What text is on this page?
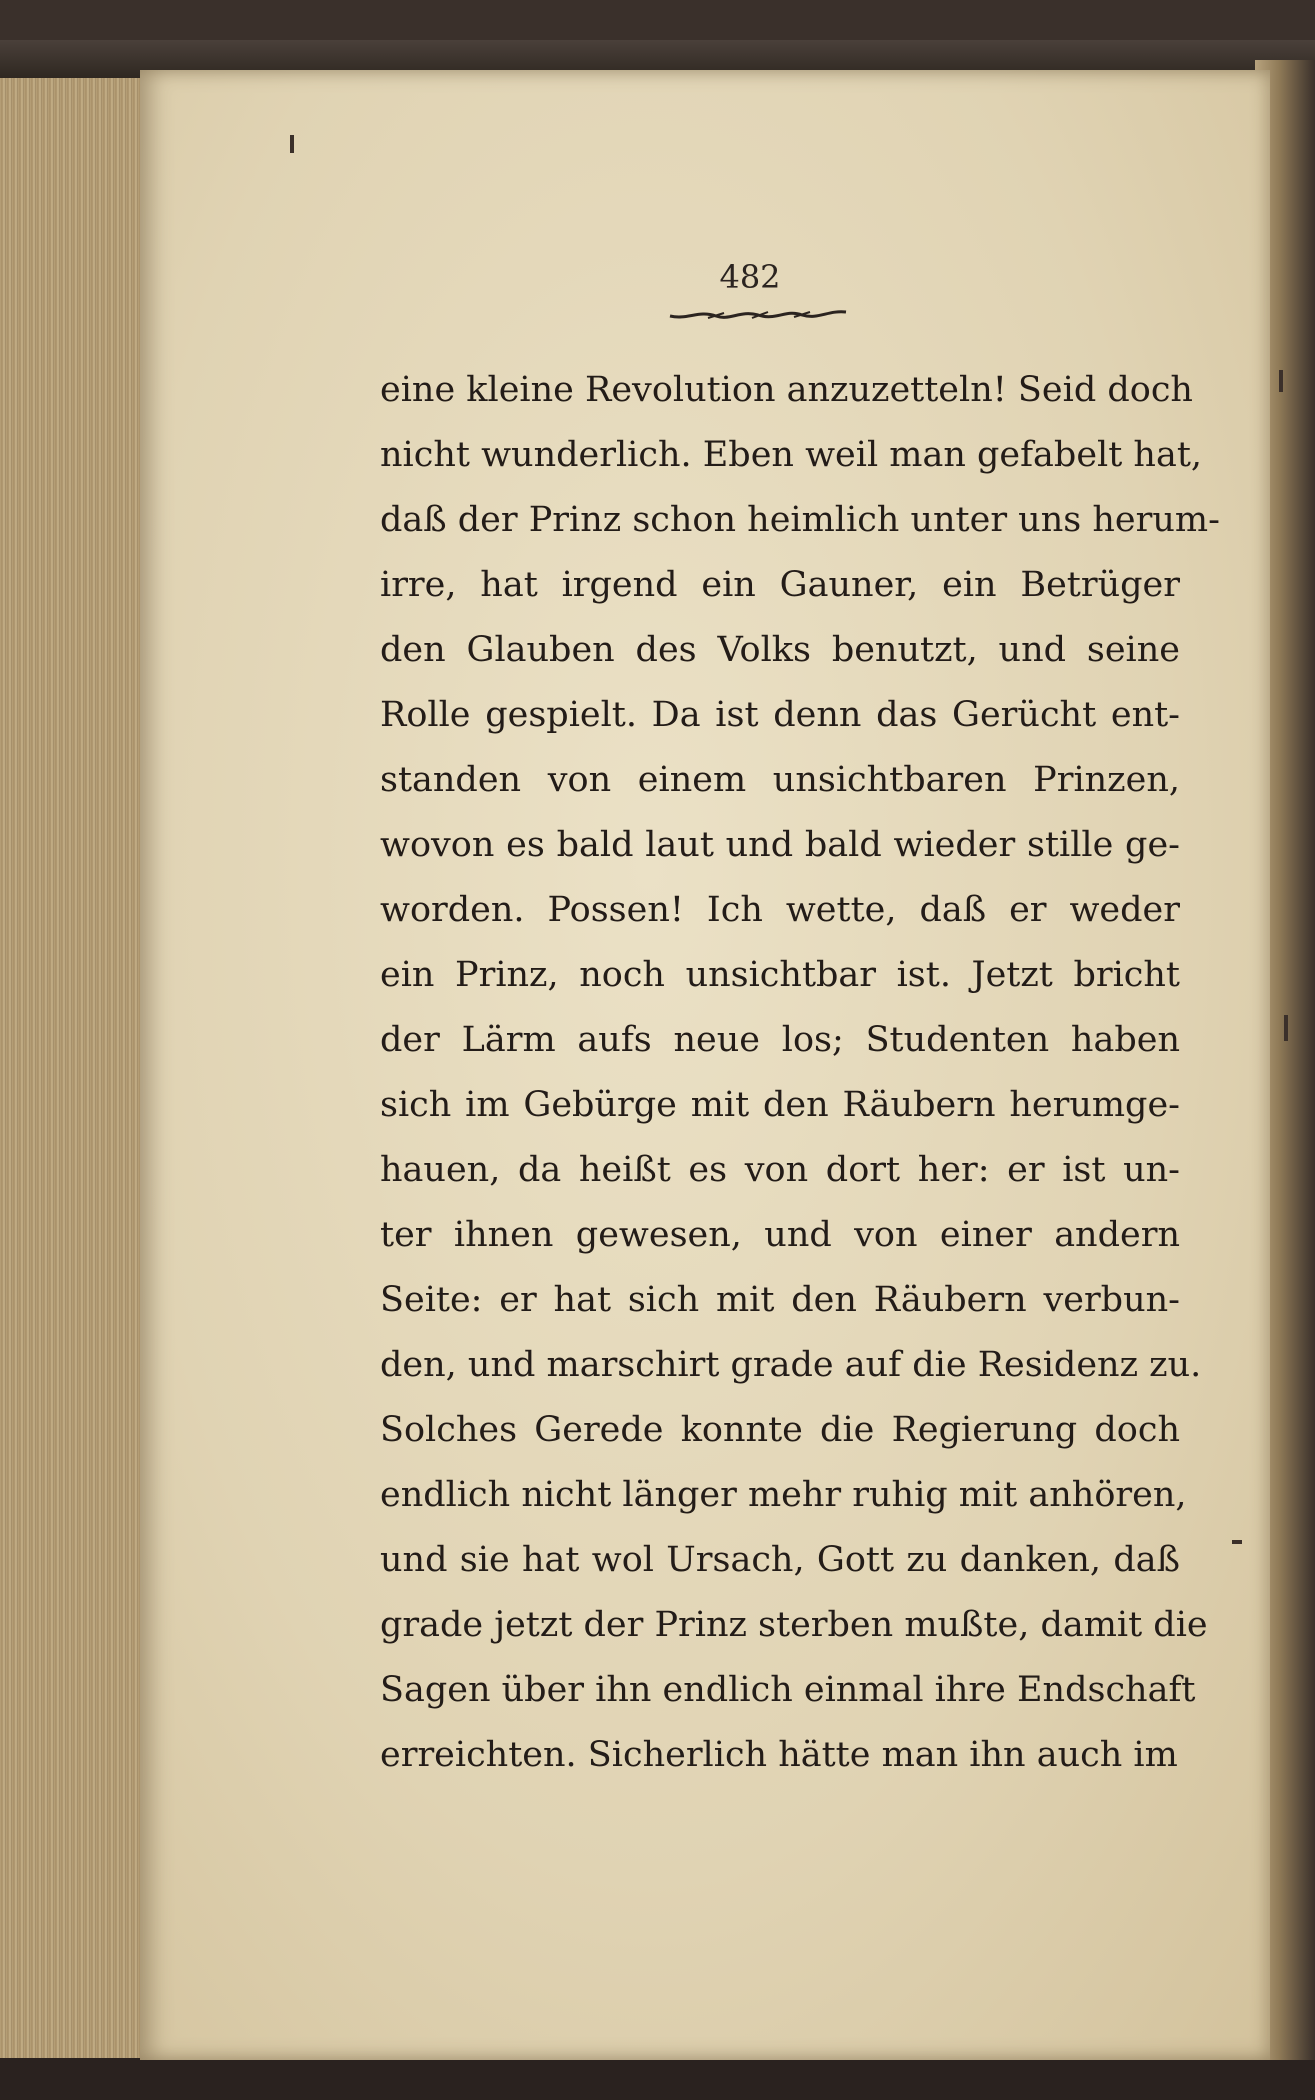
482
eine kleine Revolution anzuzetteln! Seid doch
nicht wunderlich. Eben weil man gefabelt hat,
daß der Prinz schon heimlich unter uns herum-
irre, hat irgend ein Gauner, ein Betrüger
den Glauben des Volks benutzt, und seine
Rolle gespielt. Da ist denn das Gerücht ent-
standen von einem unsichtbaren Prinzen,
wovon es bald laut und bald wieder stille ge-
worden. Possen! Ich wette, daß er weder
ein Prinz, noch unsichtbar ist. Jetzt bricht
der Lärm aufs neue los; Studenten haben
sich im Gebürge mit den Räubern herumge-
hauen, da heißt es von dort her: er ist un-
ter ihnen gewesen, und von einer andern
Seite: er hat sich mit den Räubern verbun-
den, und marschirt grade auf die Residenz zu.
Solches Gerede konnte die Regierung doch
endlich nicht länger mehr ruhig mit anhören,
und sie hat wol Ursach, Gott zu danken, daß
grade jetzt der Prinz sterben mußte, damit die
Sagen über ihn endlich einmal ihre Endschaft
erreichten. Sicherlich hätte man ihn auch im
